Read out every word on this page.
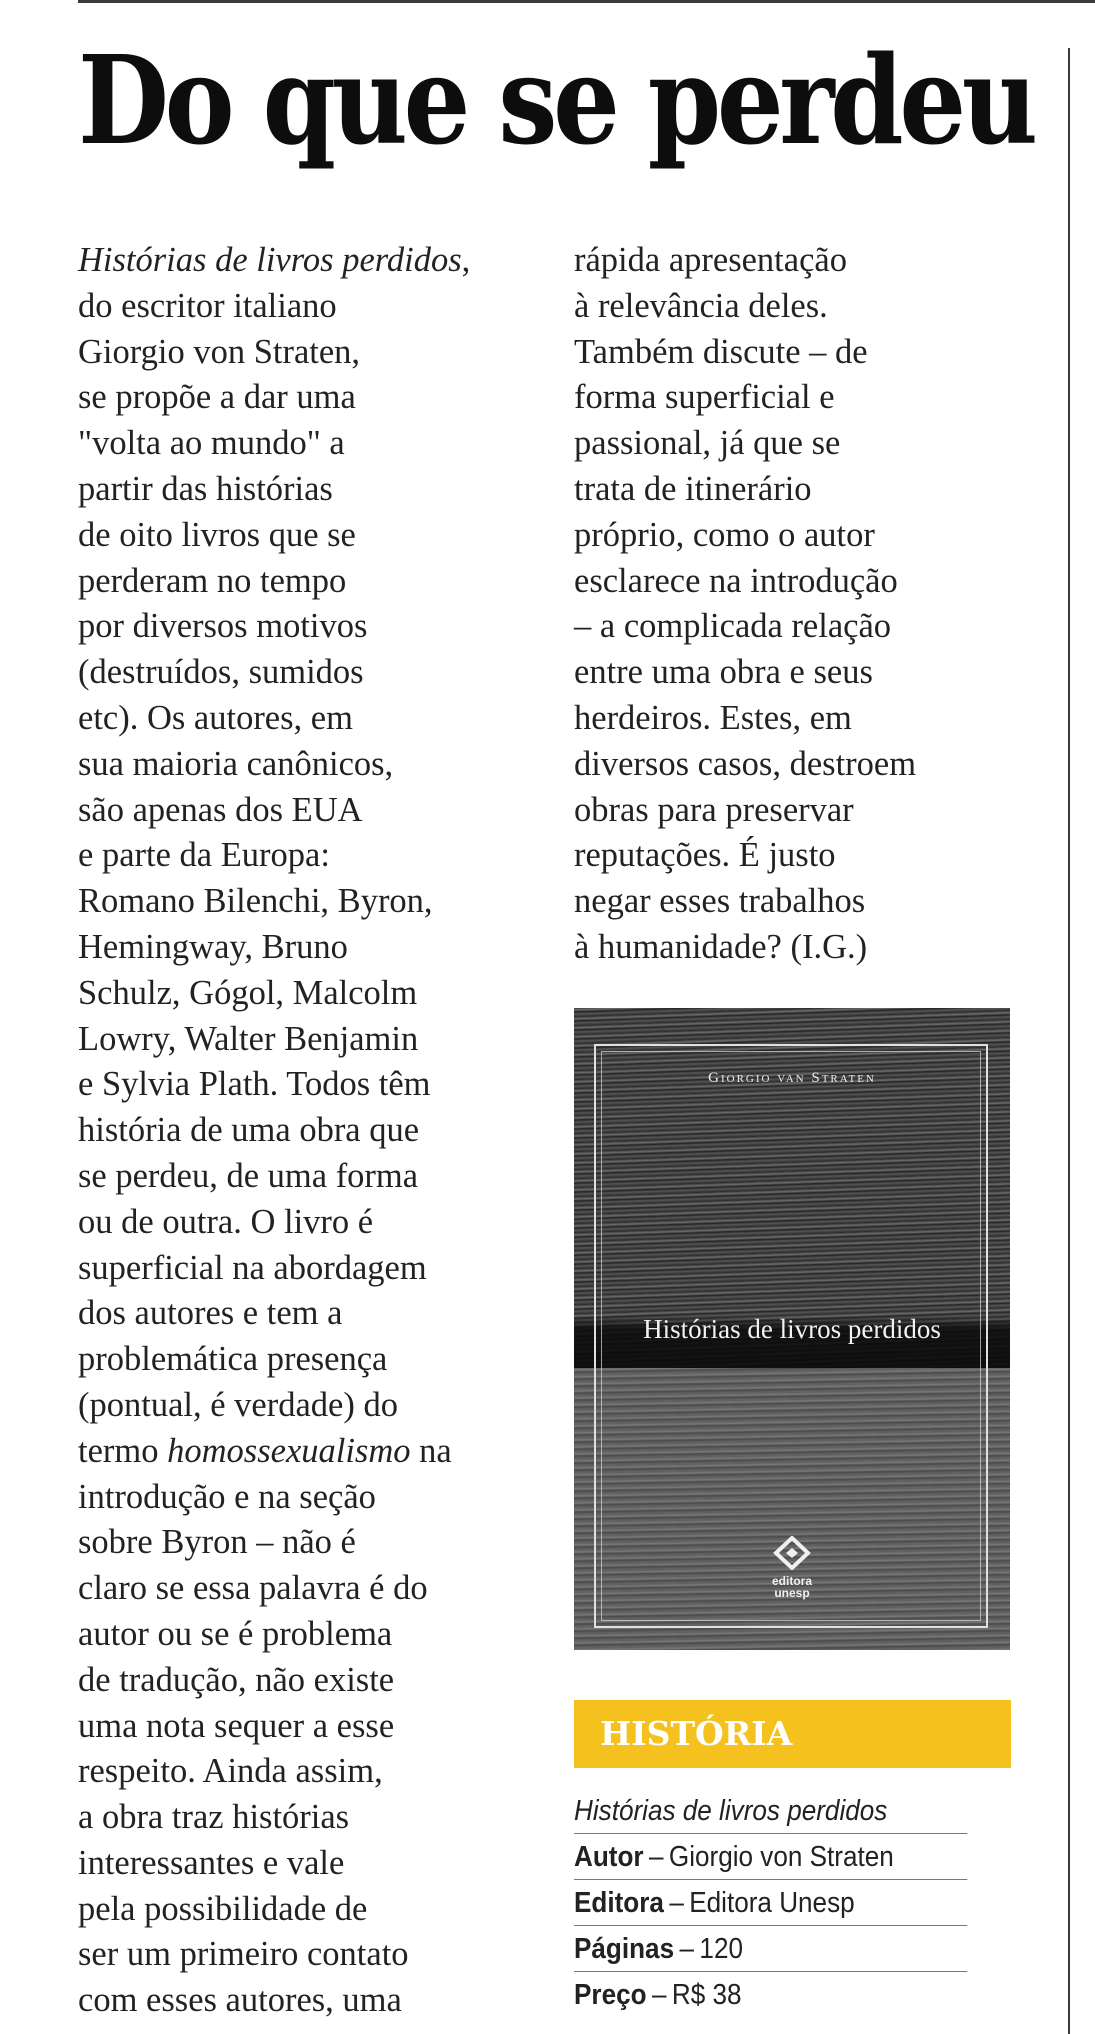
Do que se perdeu
Histórias de livros perdidos,
do escritor italiano
Giorgio von Straten,
se propõe a dar uma
"volta ao mundo" a
partir das histórias
de oito livros que se
perderam no tempo
por diversos motivos
(destruídos, sumidos
etc). Os autores, em
sua maioria canônicos,
são apenas dos EUA
e parte da Europa:
Romano Bilenchi, Byron,
Hemingway, Bruno
Schulz, Gógol, Malcolm
Lowry, Walter Benjamin
e Sylvia Plath. Todos têm
história de uma obra que
se perdeu, de uma forma
ou de outra. O livro é
superficial na abordagem
dos autores e tem a
problemática presença
(pontual, é verdade) do
termo homossexualismo na
introdução e na seção
sobre Byron – não é
claro se essa palavra é do
autor ou se é problema
de tradução, não existe
uma nota sequer a esse
respeito. Ainda assim,
a obra traz histórias
interessantes e vale
pela possibilidade de
ser um primeiro contato
com esses autores, uma
rápida apresentação
à relevância deles.
Também discute – de
forma superficial e
passional, já que se
trata de itinerário
próprio, como o autor
esclarece na introdução
– a complicada relação
entre uma obra e seus
herdeiros. Estes, em
diversos casos, destroem
obras para preservar
reputações. É justo
negar esses trabalhos
à humanidade? (I.G.)
Giorgio van Straten
Histórias de livros perdidos
editora
unesp
HISTÓRIA
Histórias de livros perdidos
Autor – Giorgio von Straten
Editora – Editora Unesp
Páginas – 120
Preço – R$ 38
